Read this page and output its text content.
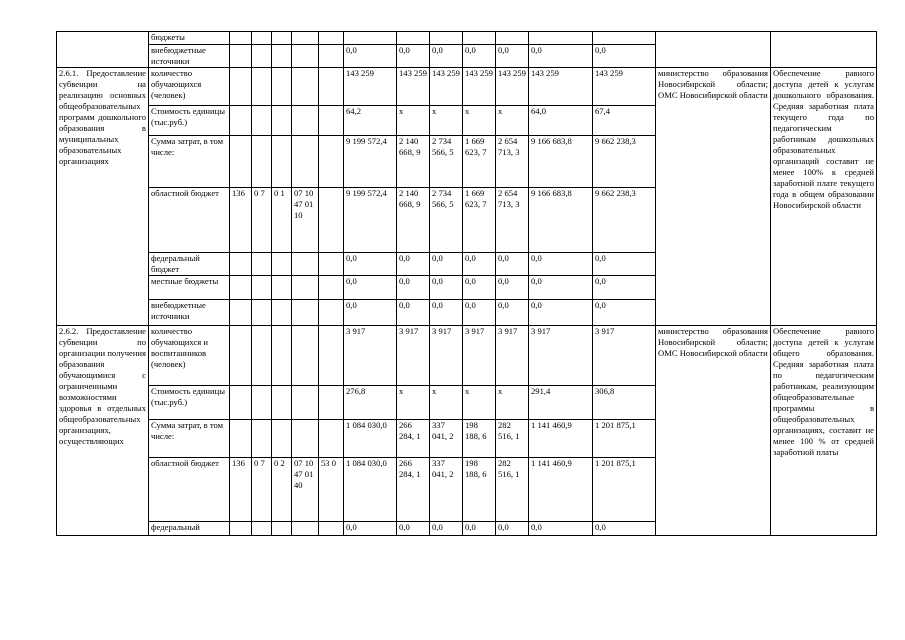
	бюджеты														
	внебюджетные источники						0,0	0,0	0,0	0,0	0,0	0,0	0,0		
2.6.1. Предоставление субвенции на реализацию основных общеобразовательных программ дошкольного образования в муниципальных образовательных организациях	количество обучающихся (человек)						143 259	143 259	143 259	143 259	143 259	143 259	143 259	министерство образования Новосибирской области; ОМС Новосибирской области	Обеспечение равного доступа детей к услугам дошкольного образования. Средняя заработная плата текущего года по педагогическим работникам дошкольных образовательных организаций составит не менее 100% к средней заработной плате текущего года в общем образовании Новосибирской области
	Стоимость единицы (тыс.руб.)						64,2	x	x	x	x	64,0	67,4		
	Сумма затрат, в том числе:						9 199 572,4	2 140 668, 9	2 734 566, 5	1 669 623, 7	2 654 713, 3	9 166 683,8	9 662 238,3		
	областной бюджет	136	0 7	0 1	07 10 47 01 10		9 199 572,4	2 140 668, 9	2 734 566, 5	1 669 623, 7	2 654 713, 3	9 166 683,8	9 662 238,3		
	федеральный бюджет						0,0	0,0	0,0	0,0	0,0	0,0	0,0		
	местные бюджеты						0,0	0,0	0,0	0,0	0,0	0,0	0,0		
	внебюджетные источники						0,0	0,0	0,0	0,0	0,0	0,0	0,0		
2.6.2. Предоставление субвенции по организации получения образования обучающимися с ограниченными возможностями здоровья в отдельных общеобразовательных организациях, осуществляющих	количество обучающихся и воспитанников (человек)						3 917	3 917	3 917	3 917	3 917	3 917	3 917	министерство образования Новосибирской области; ОМС Новосибирской области	Обеспечение равного доступа детей к услугам общего образования. Средняя заработная плата по педагогическим работникам, реализующим общеобразовательные программы в общеобразовательных организациях, составит не менее 100 % от средней заработной платы
	Стоимость единицы (тыс.руб.)						276,8	x	x	x	x	291,4	306,8		
	Сумма затрат, в том числе:						1 084 030,0	266 284, 1	337 041, 2	198 188, 6	282 516, 1	1 141 460,9	1 201 875,1		
	областной бюджет	136	0 7	0 2	07 10 47 01 40	53 0	1 084 030,0	266 284, 1	337 041, 2	198 188, 6	282 516, 1	1 141 460,9	1 201 875,1		
	федеральный						0,0	0,0	0,0	0,0	0,0	0,0	0,0		
